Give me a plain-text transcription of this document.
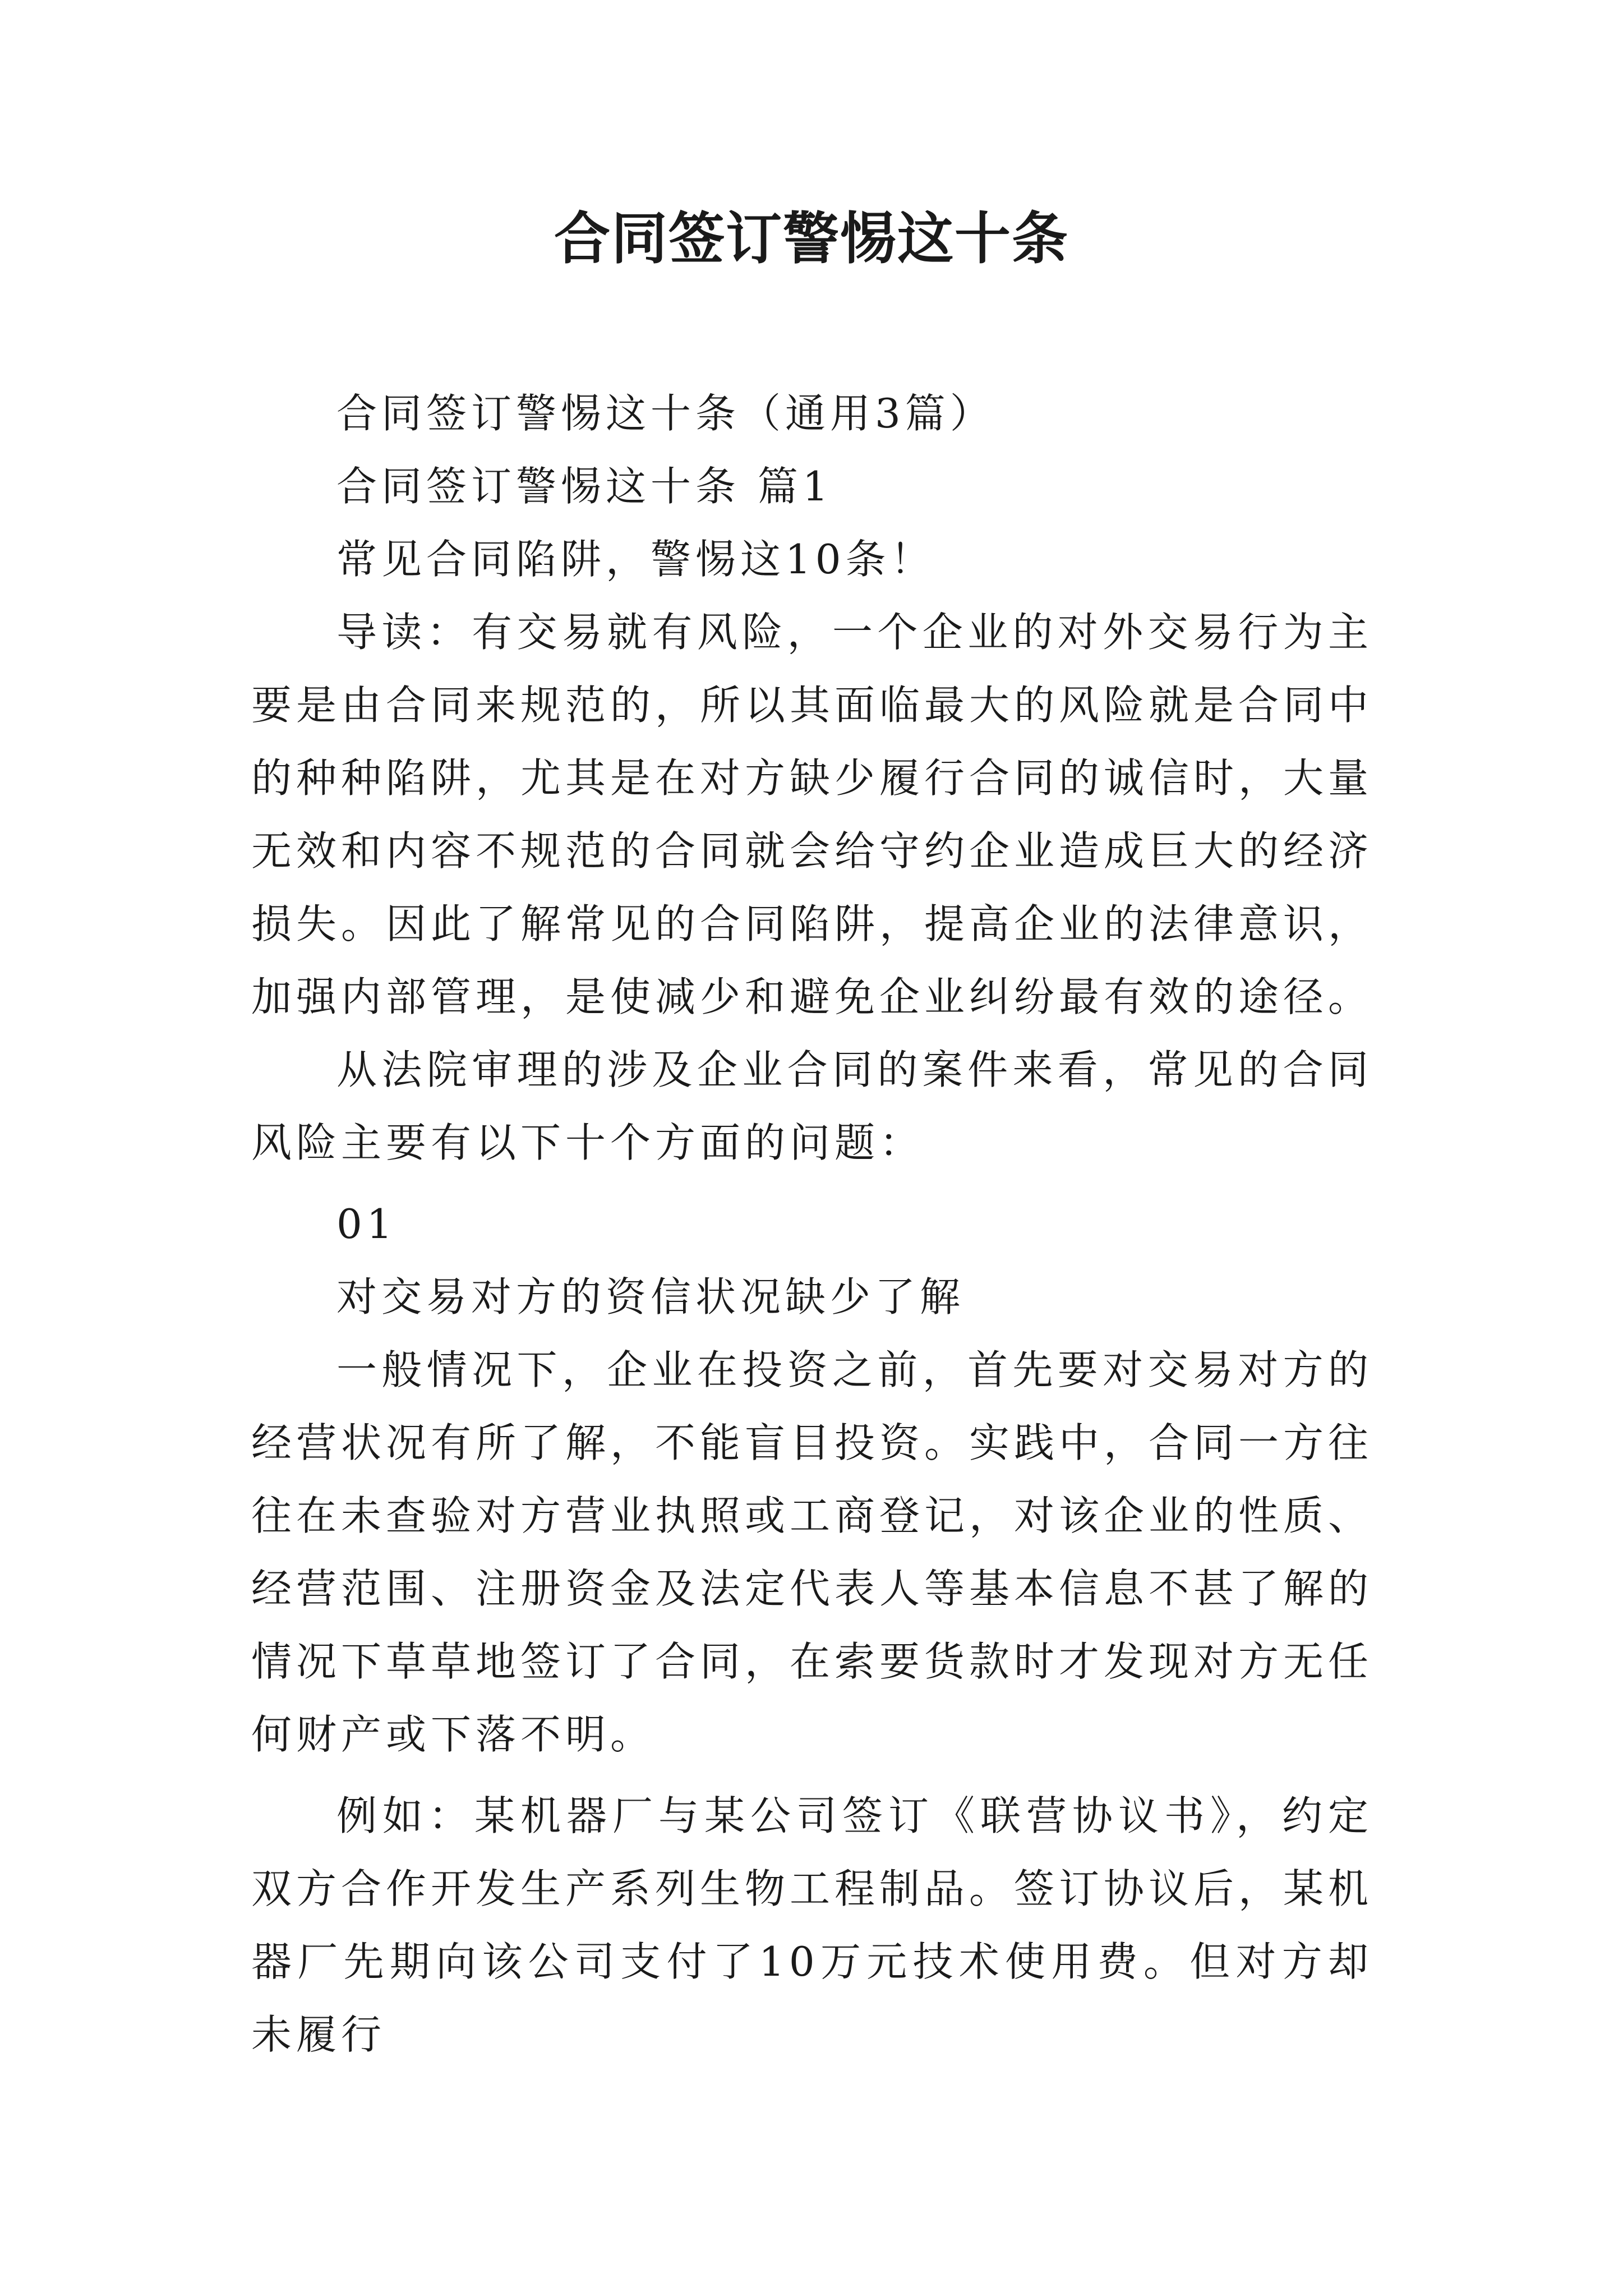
合同签订警惕这十条

合同签订警惕这十条（通用3篇）

合同签订警惕这十条 篇1

常见合同陷阱，警惕这10条！

导读：有交易就有风险，一个企业的对外交易行为主要是由合同来规范的，所以其面临最大的风险就是合同中的种种陷阱，尤其是在对方缺少履行合同的诚信时，大量无效和内容不规范的合同就会给守约企业造成巨大的经济损失。因此了解常见的合同陷阱，提高企业的法律意识，加强内部管理，是使减少和避免企业纠纷最有效的途径。

从法院审理的涉及企业合同的案件来看，常见的合同风险主要有以下十个方面的问题：

01

对交易对方的资信状况缺少了解

一般情况下，企业在投资之前，首先要对交易对方的经营状况有所了解，不能盲目投资。实践中，合同一方往往在未查验对方营业执照或工商登记，对该企业的性质、经营范围、注册资金及法定代表人等基本信息不甚了解的情况下草草地签订了合同，在索要货款时才发现对方无任何财产或下落不明。

例如：某机器厂与某公司签订《联营协议书》，约定双方合作开发生产系列生物工程制品。签订协议后，某机器厂先期向该公司支付了10万元技术使用费。但对方却未履行
